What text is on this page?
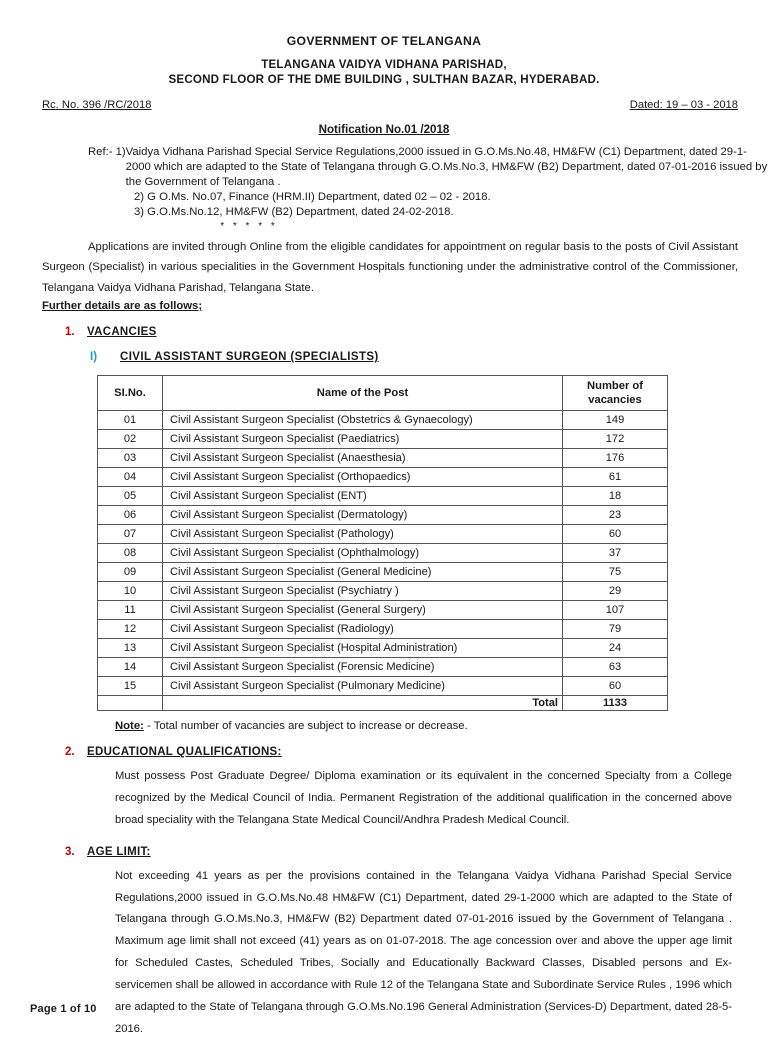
GOVERNMENT OF TELANGANA
TELANGANA VAIDYA VIDHANA PARISHAD,
SECOND FLOOR OF THE DME BUILDING , SULTHAN BAZAR, HYDERABAD.
Rc. No. 396 /RC/2018	Dated: 19 – 03 - 2018
Notification No.01 /2018
Ref:- 1) Vaidya Vidhana Parishad Special Service Regulations,2000 issued in G.O.Ms.No.48, HM&FW (C1) Department, dated 29-1-2000 which are adapted to the State of Telangana through G.O.Ms.No.3, HM&FW (B2) Department, dated 07-01-2016 issued by the Government of Telangana .
2) G O.Ms. No.07, Finance (HRM.II) Department, dated 02 – 02 - 2018.
3) G.O.Ms.No.12, HM&FW (B2) Department, dated 24-02-2018.
* * * * *
Applications are invited through Online from the eligible candidates for appointment on regular basis to the posts of Civil Assistant Surgeon (Specialist) in various specialities in the Government Hospitals functioning under the administrative control of the Commissioner, Telangana Vaidya Vidhana Parishad, Telangana State.
Further details are as follows;
1.	VACANCIES
I)	CIVIL ASSISTANT SURGEON (SPECIALISTS)
SI.No.	Name of the Post	Number of
vacancies

01	Civil Assistant Surgeon Specialist (Obstetrics & Gynaecology)	149
02	Civil Assistant Surgeon Specialist (Paediatrics)	172
03	Civil Assistant Surgeon Specialist (Anaesthesia)	176
04	Civil Assistant Surgeon Specialist (Orthopaedics)	61
05	Civil Assistant Surgeon Specialist (ENT)	18
06	Civil Assistant Surgeon Specialist (Dermatology)	23
07	Civil Assistant Surgeon Specialist (Pathology)	60
08	Civil Assistant Surgeon Specialist (Ophthalmology)	37
09	Civil Assistant Surgeon Specialist (General Medicine)	75
10	Civil Assistant Surgeon Specialist (Psychiatry )	29
11	Civil Assistant Surgeon Specialist (General Surgery)	107
12	Civil Assistant Surgeon Specialist (Radiology)	79
13	Civil Assistant Surgeon Specialist (Hospital Administration)	24
14	Civil Assistant Surgeon Specialist (Forensic Medicine)	63
15	Civil Assistant Surgeon Specialist (Pulmonary Medicine)	60
	Total	1133
Note: - Total number of vacancies are subject to increase or decrease.
2.	EDUCATIONAL QUALIFICATIONS:
Must possess Post Graduate Degree/ Diploma examination or its equivalent in the concerned Specialty from a College recognized by the Medical Council of India. Permanent Registration of the additional qualification in the concerned above broad speciality with the Telangana State Medical Council/Andhra Pradesh Medical Council.
3.	AGE LIMIT:
Not exceeding 41 years as per the provisions contained in the Telangana Vaidya Vidhana Parishad Special Service Regulations,2000 issued in G.O.Ms.No.48 HM&FW (C1) Department, dated 29-1-2000 which are adapted to the State of Telangana through G.O.Ms.No.3, HM&FW (B2) Department dated 07-01-2016 issued by the Government of Telangana . Maximum age limit shall not exceed (41) years as on 01-07-2018. The age concession over and above the upper age limit for Scheduled Castes, Scheduled Tribes, Socially and Educationally Backward Classes, Disabled persons and Ex-servicemen shall be allowed in accordance with Rule 12 of the Telangana State and Subordinate Service Rules , 1996 which are adapted to the State of Telangana through G.O.Ms.No.196 General Administration (Services-D) Department, dated 28-5-2016.
Page 1 of 10
